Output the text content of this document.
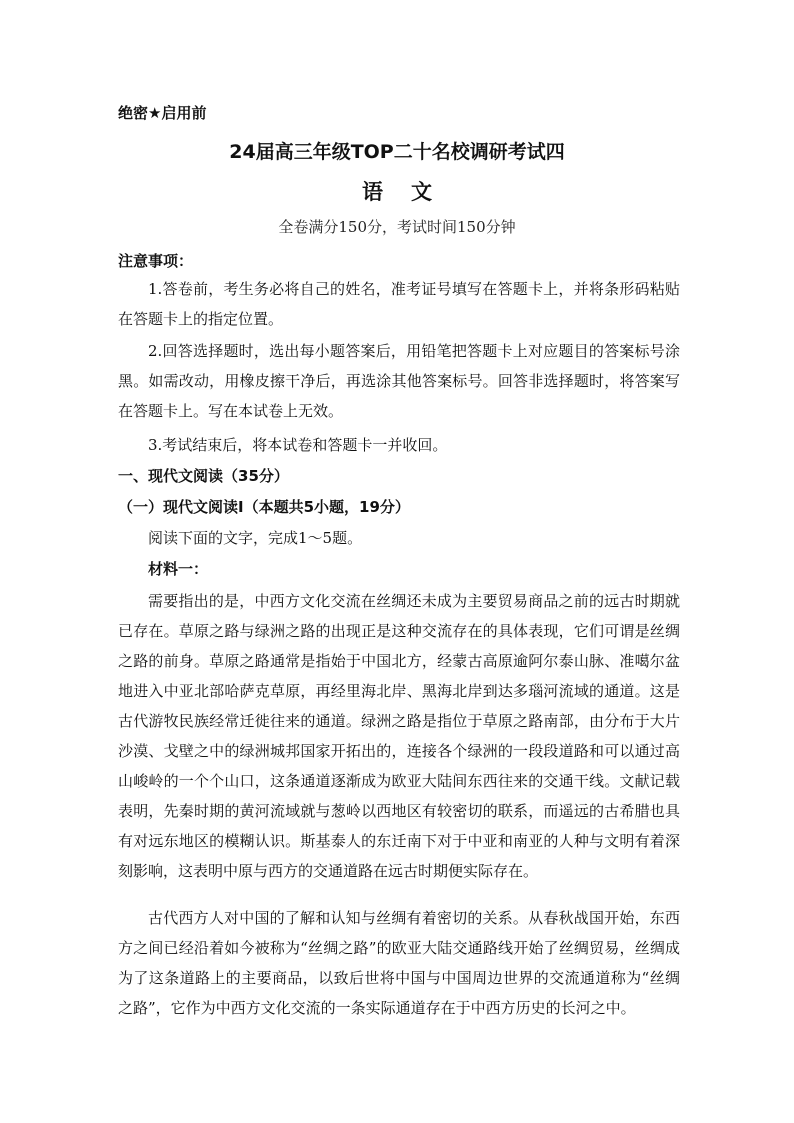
绝密★启用前
24届高三年级TOP二十名校调研考试四
语文
全卷满分150分，考试时间150分钟
注意事项：

1.答卷前，考生务必将自己的姓名，准考证号填写在答题卡上，并将条形码粘贴在答题卡上的指定位置。

2.回答选择题时，选出每小题答案后，用铅笔把答题卡上对应题目的答案标号涂黑。如需改动，用橡皮擦干净后，再选涂其他答案标号。回答非选择题时，将答案写在答题卡上。写在本试卷上无效。

3.考试结束后，将本试卷和答题卡一并收回。

一、现代文阅读（35分）
（一）现代文阅读Ⅰ（本题共5小题，19分）
阅读下面的文字，完成1～5题。
材料一：

需要指出的是，中西方文化交流在丝绸还未成为主要贸易商品之前的远古时期就已存在。草原之路与绿洲之路的出现正是这种交流存在的具体表现，它们可谓是丝绸之路的前身。草原之路通常是指始于中国北方，经蒙古高原逾阿尔泰山脉、准噶尔盆地进入中亚北部哈萨克草原，再经里海北岸、黑海北岸到达多瑙河流域的通道。这是古代游牧民族经常迁徙往来的通道。绿洲之路是指位于草原之路南部，由分布于大片沙漠、戈壁之中的绿洲城邦国家开拓出的，连接各个绿洲的一段段道路和可以通过高山峻岭的一个个山口，这条通道逐渐成为欧亚大陆间东西往来的交通干线。文献记载表明，先秦时期的黄河流域就与葱岭以西地区有较密切的联系，而遥远的古希腊也具有对远东地区的模糊认识。斯基泰人的东迁南下对于中亚和南亚的人种与文明有着深刻影响，这表明中原与西方的交通道路在远古时期便实际存在。

古代西方人对中国的了解和认知与丝绸有着密切的关系。从春秋战国开始，东西方之间已经沿着如今被称为“丝绸之路”的欧亚大陆交通路线开始了丝绸贸易，丝绸成为了这条道路上的主要商品，以致后世将中国与中国周边世界的交流通道称为“丝绸之路”，它作为中西方文化交流的一条实际通道存在于中西方历史的长河之中。
